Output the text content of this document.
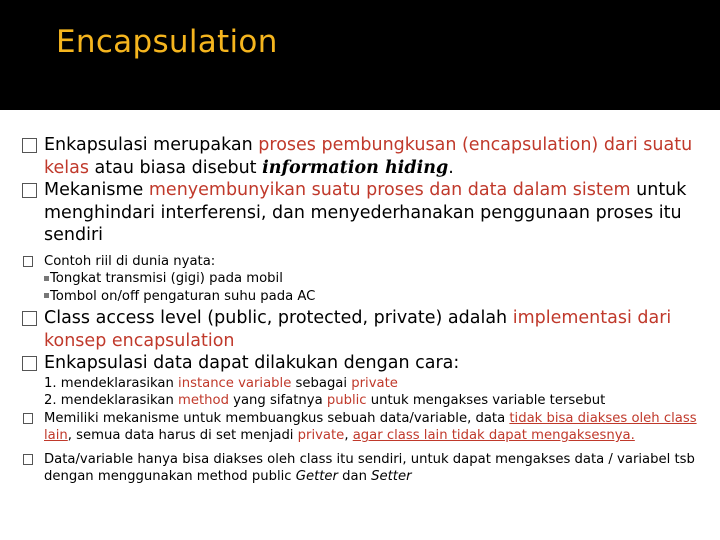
Encapsulation
Enkapsulasi merupakan proses pembungkusan (encapsulation) dari suatu kelas atau biasa disebut information hiding.
Mekanisme menyembunyikan suatu proses dan data dalam sistem untuk menghindari interferensi, dan menyederhanakan penggunaan proses itu sendiri
Contoh riil di dunia nyata:
Tongkat transmisi (gigi) pada mobil
Tombol on/off pengaturan suhu pada AC
Class access level (public, protected, private) adalah implementasi dari konsep encapsulation
Enkapsulasi data dapat dilakukan dengan cara:
1. mendeklarasikan instance variable sebagai private
2. mendeklarasikan method yang sifatnya public untuk mengakses variable tersebut
Memiliki mekanisme untuk membuangkus sebuah data/variable, data tidak bisa diakses oleh class lain, semua data harus di set menjadi private, agar class lain tidak dapat mengaksesnya.
Data/variable hanya bisa diakses oleh class itu sendiri, untuk dapat mengakses data / variabel tsb dengan menggunakan method public Getter dan Setter
